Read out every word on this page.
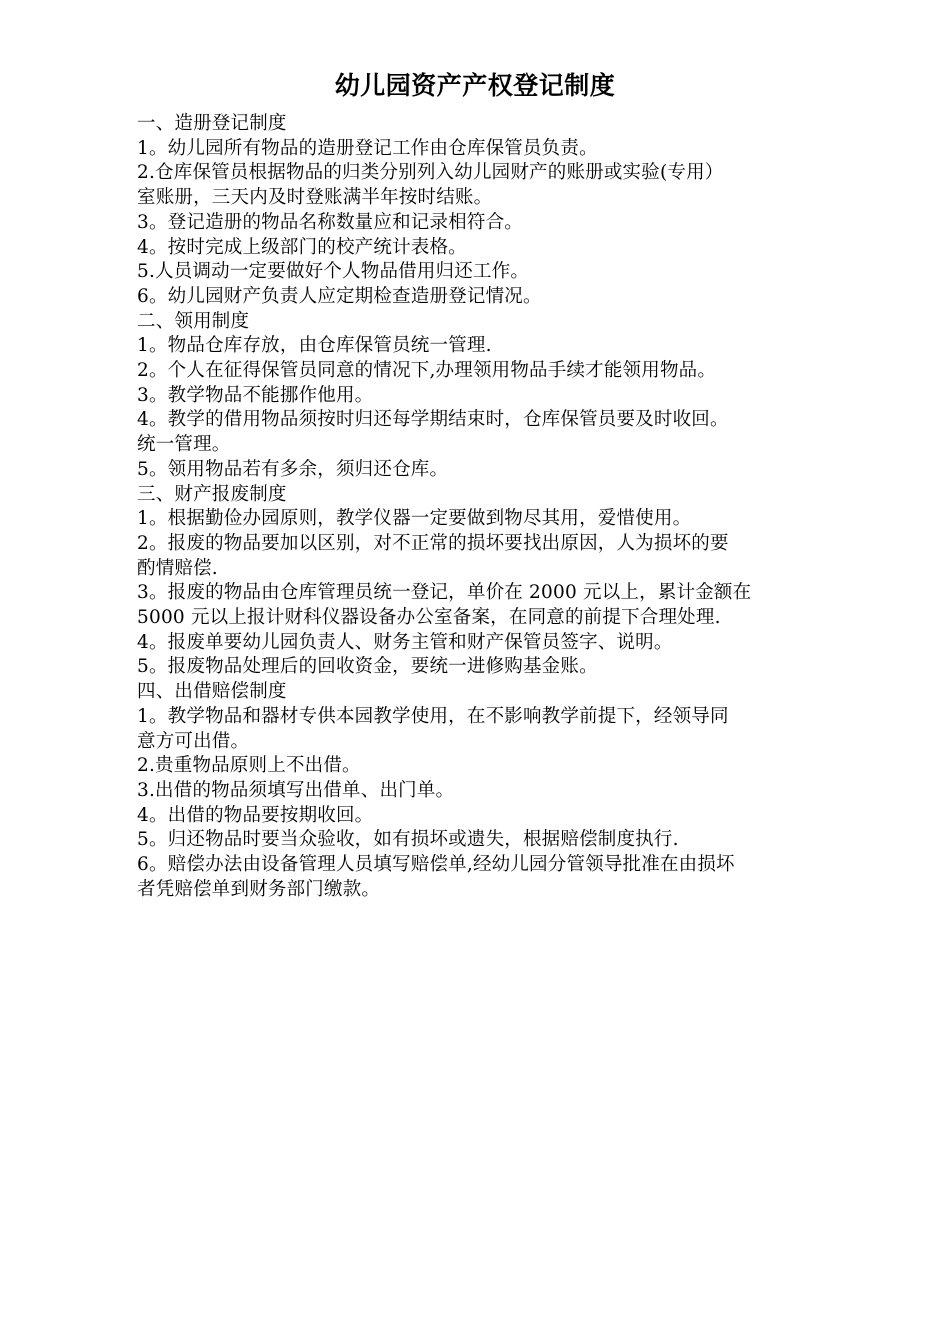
幼儿园资产产权登记制度
一、造册登记制度
1。幼儿园所有物品的造册登记工作由仓库保管员负责。
2.仓库保管员根据物品的归类分别列入幼儿园财产的账册或实验(专用）
室账册，三天内及时登账满半年按时结账。
3。登记造册的物品名称数量应和记录相符合。
4。按时完成上级部门的校产统计表格。
5.人员调动一定要做好个人物品借用归还工作。
6。幼儿园财产负责人应定期检查造册登记情况。
二、领用制度
1。物品仓库存放，由仓库保管员统一管理.
2。个人在征得保管员同意的情况下,办理领用物品手续才能领用物品。
3。教学物品不能挪作他用。
4。教学的借用物品须按时归还每学期结束时，仓库保管员要及时收回。
统一管理。
5。领用物品若有多余，须归还仓库。
三、财产报废制度
1。根据勤俭办园原则，教学仪器一定要做到物尽其用，爱惜使用。
2。报废的物品要加以区别，对不正常的损坏要找出原因，人为损坏的要
酌情赔偿.
3。报废的物品由仓库管理员统一登记，单价在 2000 元以上，累计金额在
5000 元以上报计财科仪器设备办公室备案，在同意的前提下合理处理.
4。报废单要幼儿园负责人、财务主管和财产保管员签字、说明。
5。报废物品处理后的回收资金，要统一进修购基金账。
四、出借赔偿制度
1。教学物品和器材专供本园教学使用，在不影响教学前提下，经领导同
意方可出借。
2.贵重物品原则上不出借。
3.出借的物品须填写出借单、出门单。
4。出借的物品要按期收回。
5。归还物品时要当众验收，如有损坏或遗失，根据赔偿制度执行.
6。赔偿办法由设备管理人员填写赔偿单,经幼儿园分管领导批准在由损坏
者凭赔偿单到财务部门缴款。
